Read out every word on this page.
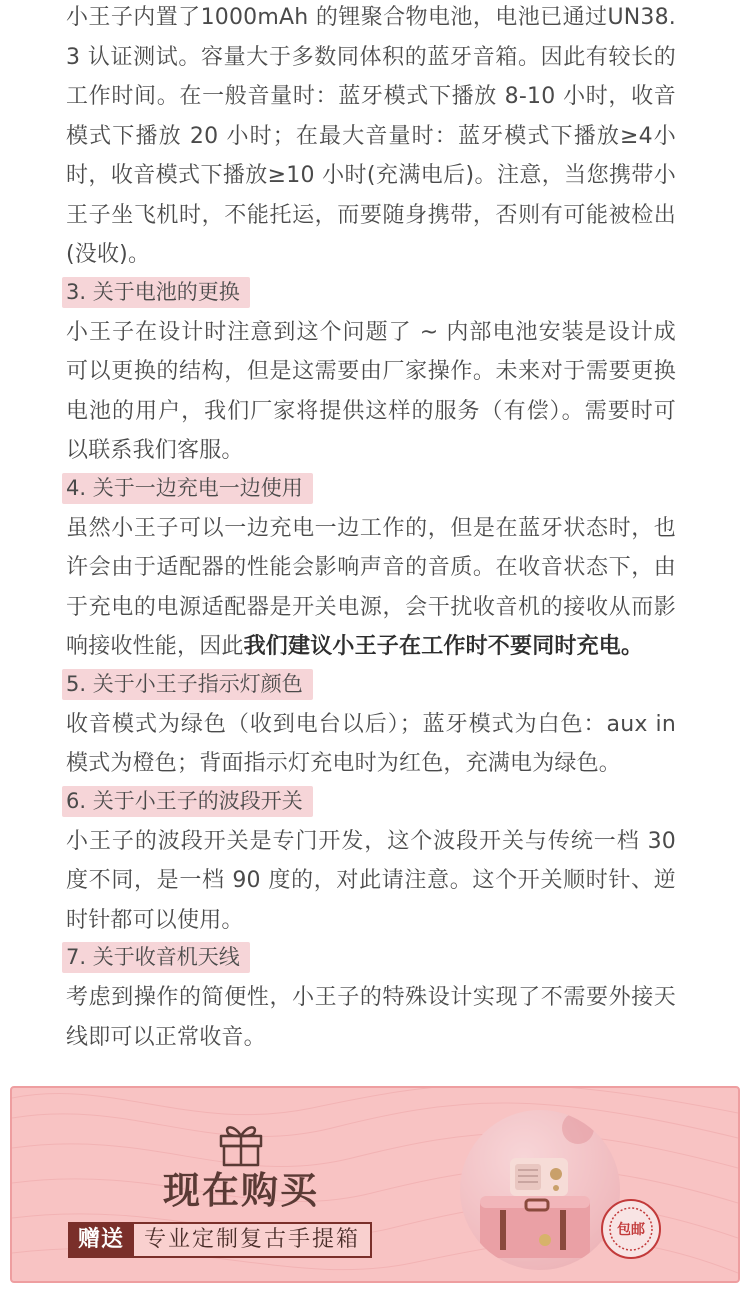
小王子内置了1000mAh 的锂聚合物电池，电池已通过UN38.3 认证测试。容量大于多数同体积的蓝牙音箱。因此有较长的工作时间。在一般音量时：蓝牙模式下播放 8-10 小时，收音模式下播放 20 小时；在最大音量时：蓝牙模式下播放≥4小时，收音模式下播放≥10 小时(充满电后)。注意，当您携带小王子坐飞机时，不能托运，而要随身携带，否则有可能被检出(没收)。

3. 关于电池的更换

小王子在设计时注意到这个问题了 ~ 内部电池安装是设计成可以更换的结构，但是这需要由厂家操作。未来对于需要更换电池的用户，我们厂家将提供这样的服务（有偿）。需要时可以联系我们客服。

4. 关于一边充电一边使用

虽然小王子可以一边充电一边工作的，但是在蓝牙状态时，也许会由于适配器的性能会影响声音的音质。在收音状态下，由于充电的电源适配器是开关电源，会干扰收音机的接收从而影响接收性能，因此我们建议小王子在工作时不要同时充电。

5. 关于小王子指示灯颜色

收音模式为绿色（收到电台以后）；蓝牙模式为白色：aux in模式为橙色；背面指示灯充电时为红色，充满电为绿色。

6. 关于小王子的波段开关

小王子的波段开关是专门开发，这个波段开关与传统一档 30度不同，是一档 90 度的，对此请注意。这个开关顺时针、逆时针都可以使用。

7. 关于收音机天线

考虑到操作的简便性，小王子的特殊设计实现了不需要外接天线即可以正常收音。

现在购买
赠送 专业定制复古手提箱	包邮
